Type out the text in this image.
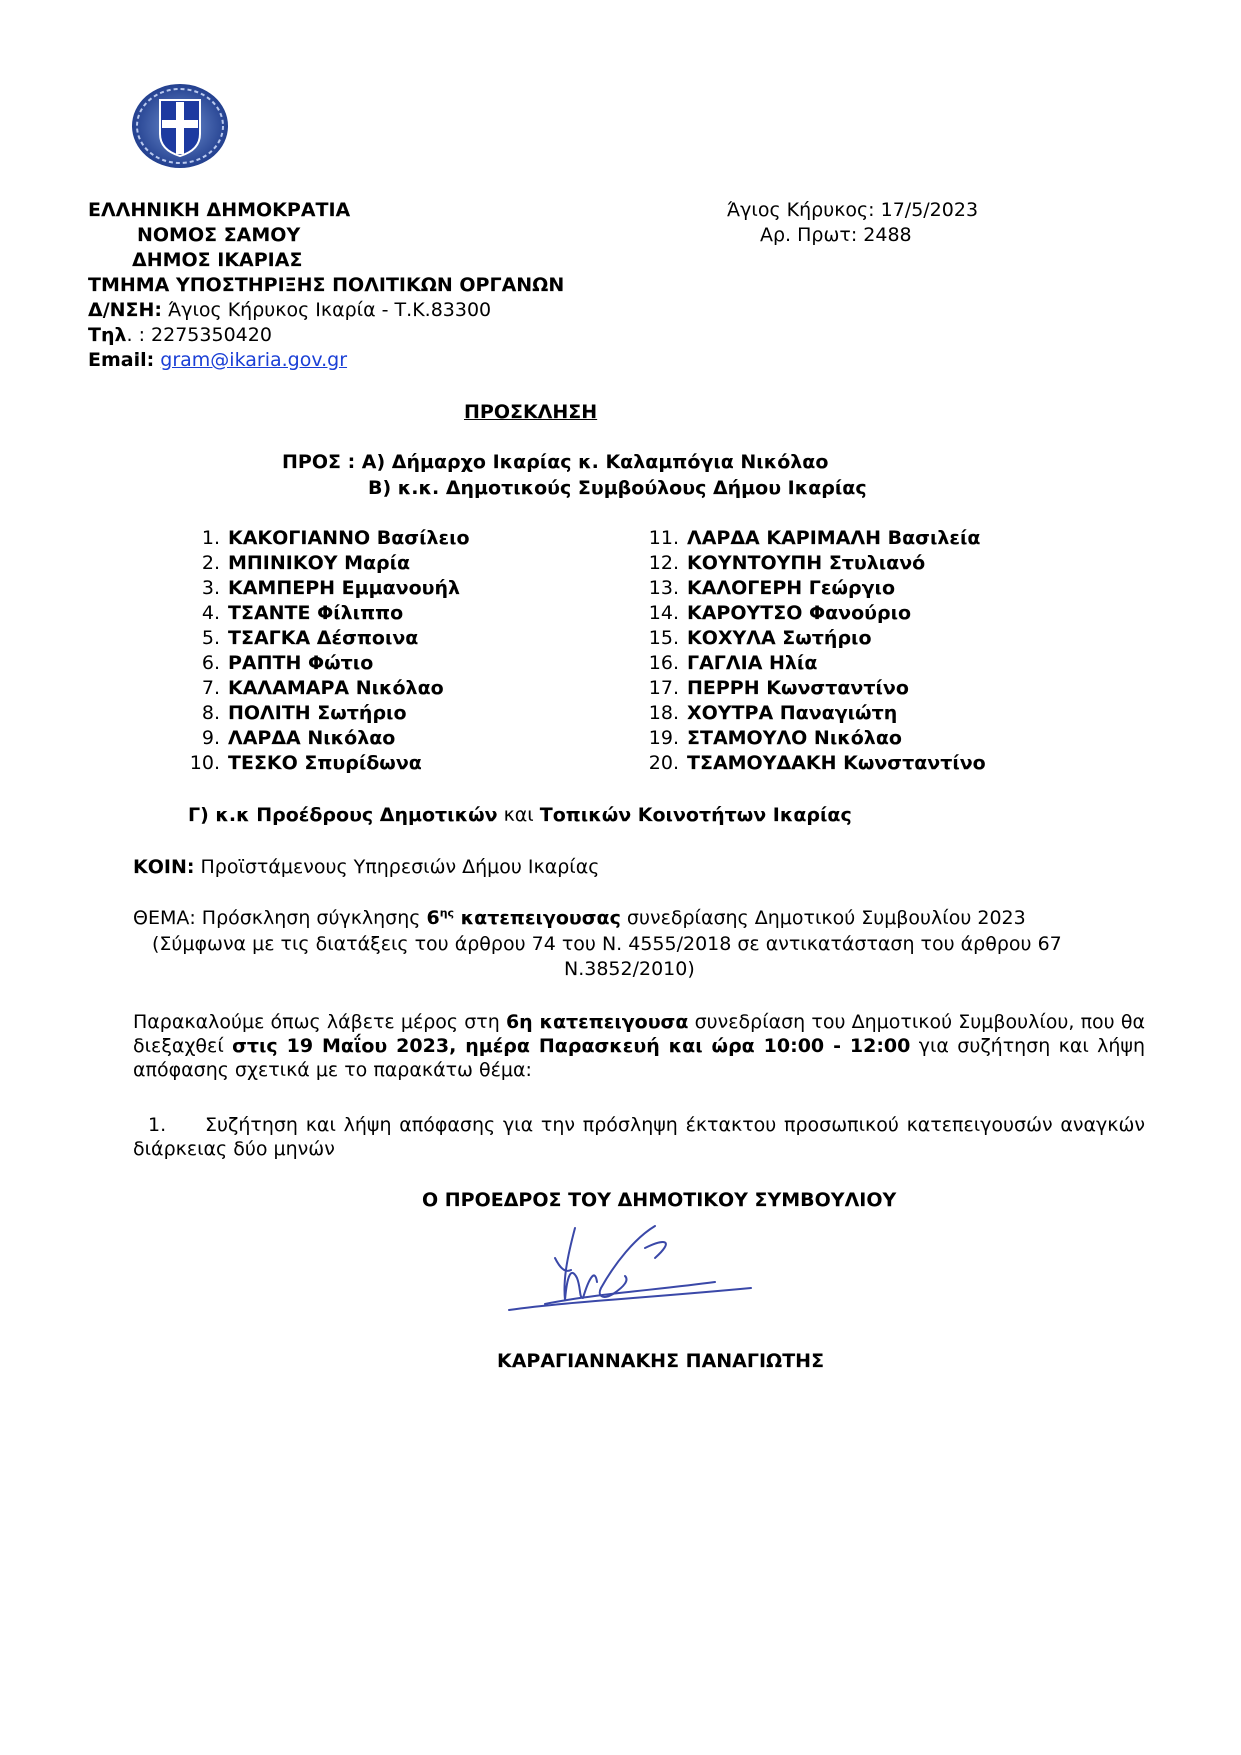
ΕΛΛΗΝΙΚΗ ΔΗΜΟΚΡΑΤΙΑ
ΝΟΜΟΣ ΣΑΜΟΥ
ΔΗΜΟΣ ΙΚΑΡΙΑΣ
ΤΜΗΜΑ ΥΠΟΣΤΗΡΙΞΗΣ ΠΟΛΙΤΙΚΩΝ ΟΡΓΑΝΩΝ
Δ/ΝΣΗ: Άγιος Κήρυκος Ικαρία - Τ.Κ.83300
Τηλ. : 2275350420
Email: gram@ikaria.gov.gr
Άγιος Κήρυκος: 17/5/2023
Αρ. Πρωτ: 2488
ΠΡΟΣΚΛΗΣΗ
ΠΡΟΣ : Α) Δήμαρχο Ικαρίας κ. Καλαμπόγια Νικόλαο
Β) κ.κ. Δημοτικούς Συμβούλους Δήμου Ικαρίας
1. ΚΑΚΟΓΙΑΝΝΟ Βασίλειο
2. ΜΠΙΝΙΚΟΥ Μαρία
3. ΚΑΜΠΕΡΗ Εμμανουήλ
4. ΤΣΑΝΤΕ Φίλιππο
5. ΤΣΑΓΚΑ Δέσποινα
6. ΡΑΠΤΗ Φώτιο
7. ΚΑΛΑΜΑΡΑ Νικόλαο
8. ΠΟΛΙΤΗ Σωτήριο
9. ΛΑΡΔΑ Νικόλαο
10. ΤΕΣΚΟ Σπυρίδωνα
11. ΛΑΡΔΑ ΚΑΡΙΜΑΛΗ Βασιλεία
12. ΚΟΥΝΤΟΥΠΗ Στυλιανό
13. ΚΑΛΟΓΕΡΗ Γεώργιο
14. ΚΑΡΟΥΤΣΟ Φανούριο
15. ΚΟΧΥΛΑ Σωτήριο
16. ΓΑΓΛΙΑ Ηλία
17. ΠΕΡΡΗ Κωνσταντίνο
18. ΧΟΥΤΡΑ Παναγιώτη
19. ΣΤΑΜΟΥΛΟ Νικόλαο
20. ΤΣΑΜΟΥΔΑΚΗ Κωνσταντίνο
Γ) κ.κ Προέδρους Δημοτικών και Τοπικών Κοινοτήτων Ικαρίας
ΚΟΙΝ: Προϊστάμενους Υπηρεσιών Δήμου Ικαρίας
ΘΕΜΑ: Πρόσκληση σύγκλησης $6^{\eta\varsigma}$ κατεπειγουσας συνεδρίασης Δημοτικού Συμβουλίου 2023
(Σύμφωνα με τις διατάξεις του άρθρου 74 του Ν. 4555/2018 σε αντικατάσταση του άρθρου 67
Ν.3852/2010)
Παρακαλούμε όπως λάβετε μέρος στη 6η κατεπειγουσα συνεδρίαση του Δημοτικού Συμβουλίου, που θα διεξαχθεί στις 19 Μαΐου 2023, ημέρα Παρασκευή και ώρα 10:00 - 12:00 για συζήτηση και λήψη απόφασης σχετικά με το παρακάτω θέμα:
1.	Συζήτηση και λήψη απόφασης για την πρόσληψη έκτακτου προσωπικού κατεπειγουσών αναγκών διάρκειας δύο μηνών
Ο ΠΡΟΕΔΡΟΣ ΤΟΥ ΔΗΜΟΤΙΚΟΥ ΣΥΜΒΟΥΛΙΟΥ
ΚΑΡΑΓΙΑΝΝΑΚΗΣ ΠΑΝΑΓΙΩΤΗΣ
